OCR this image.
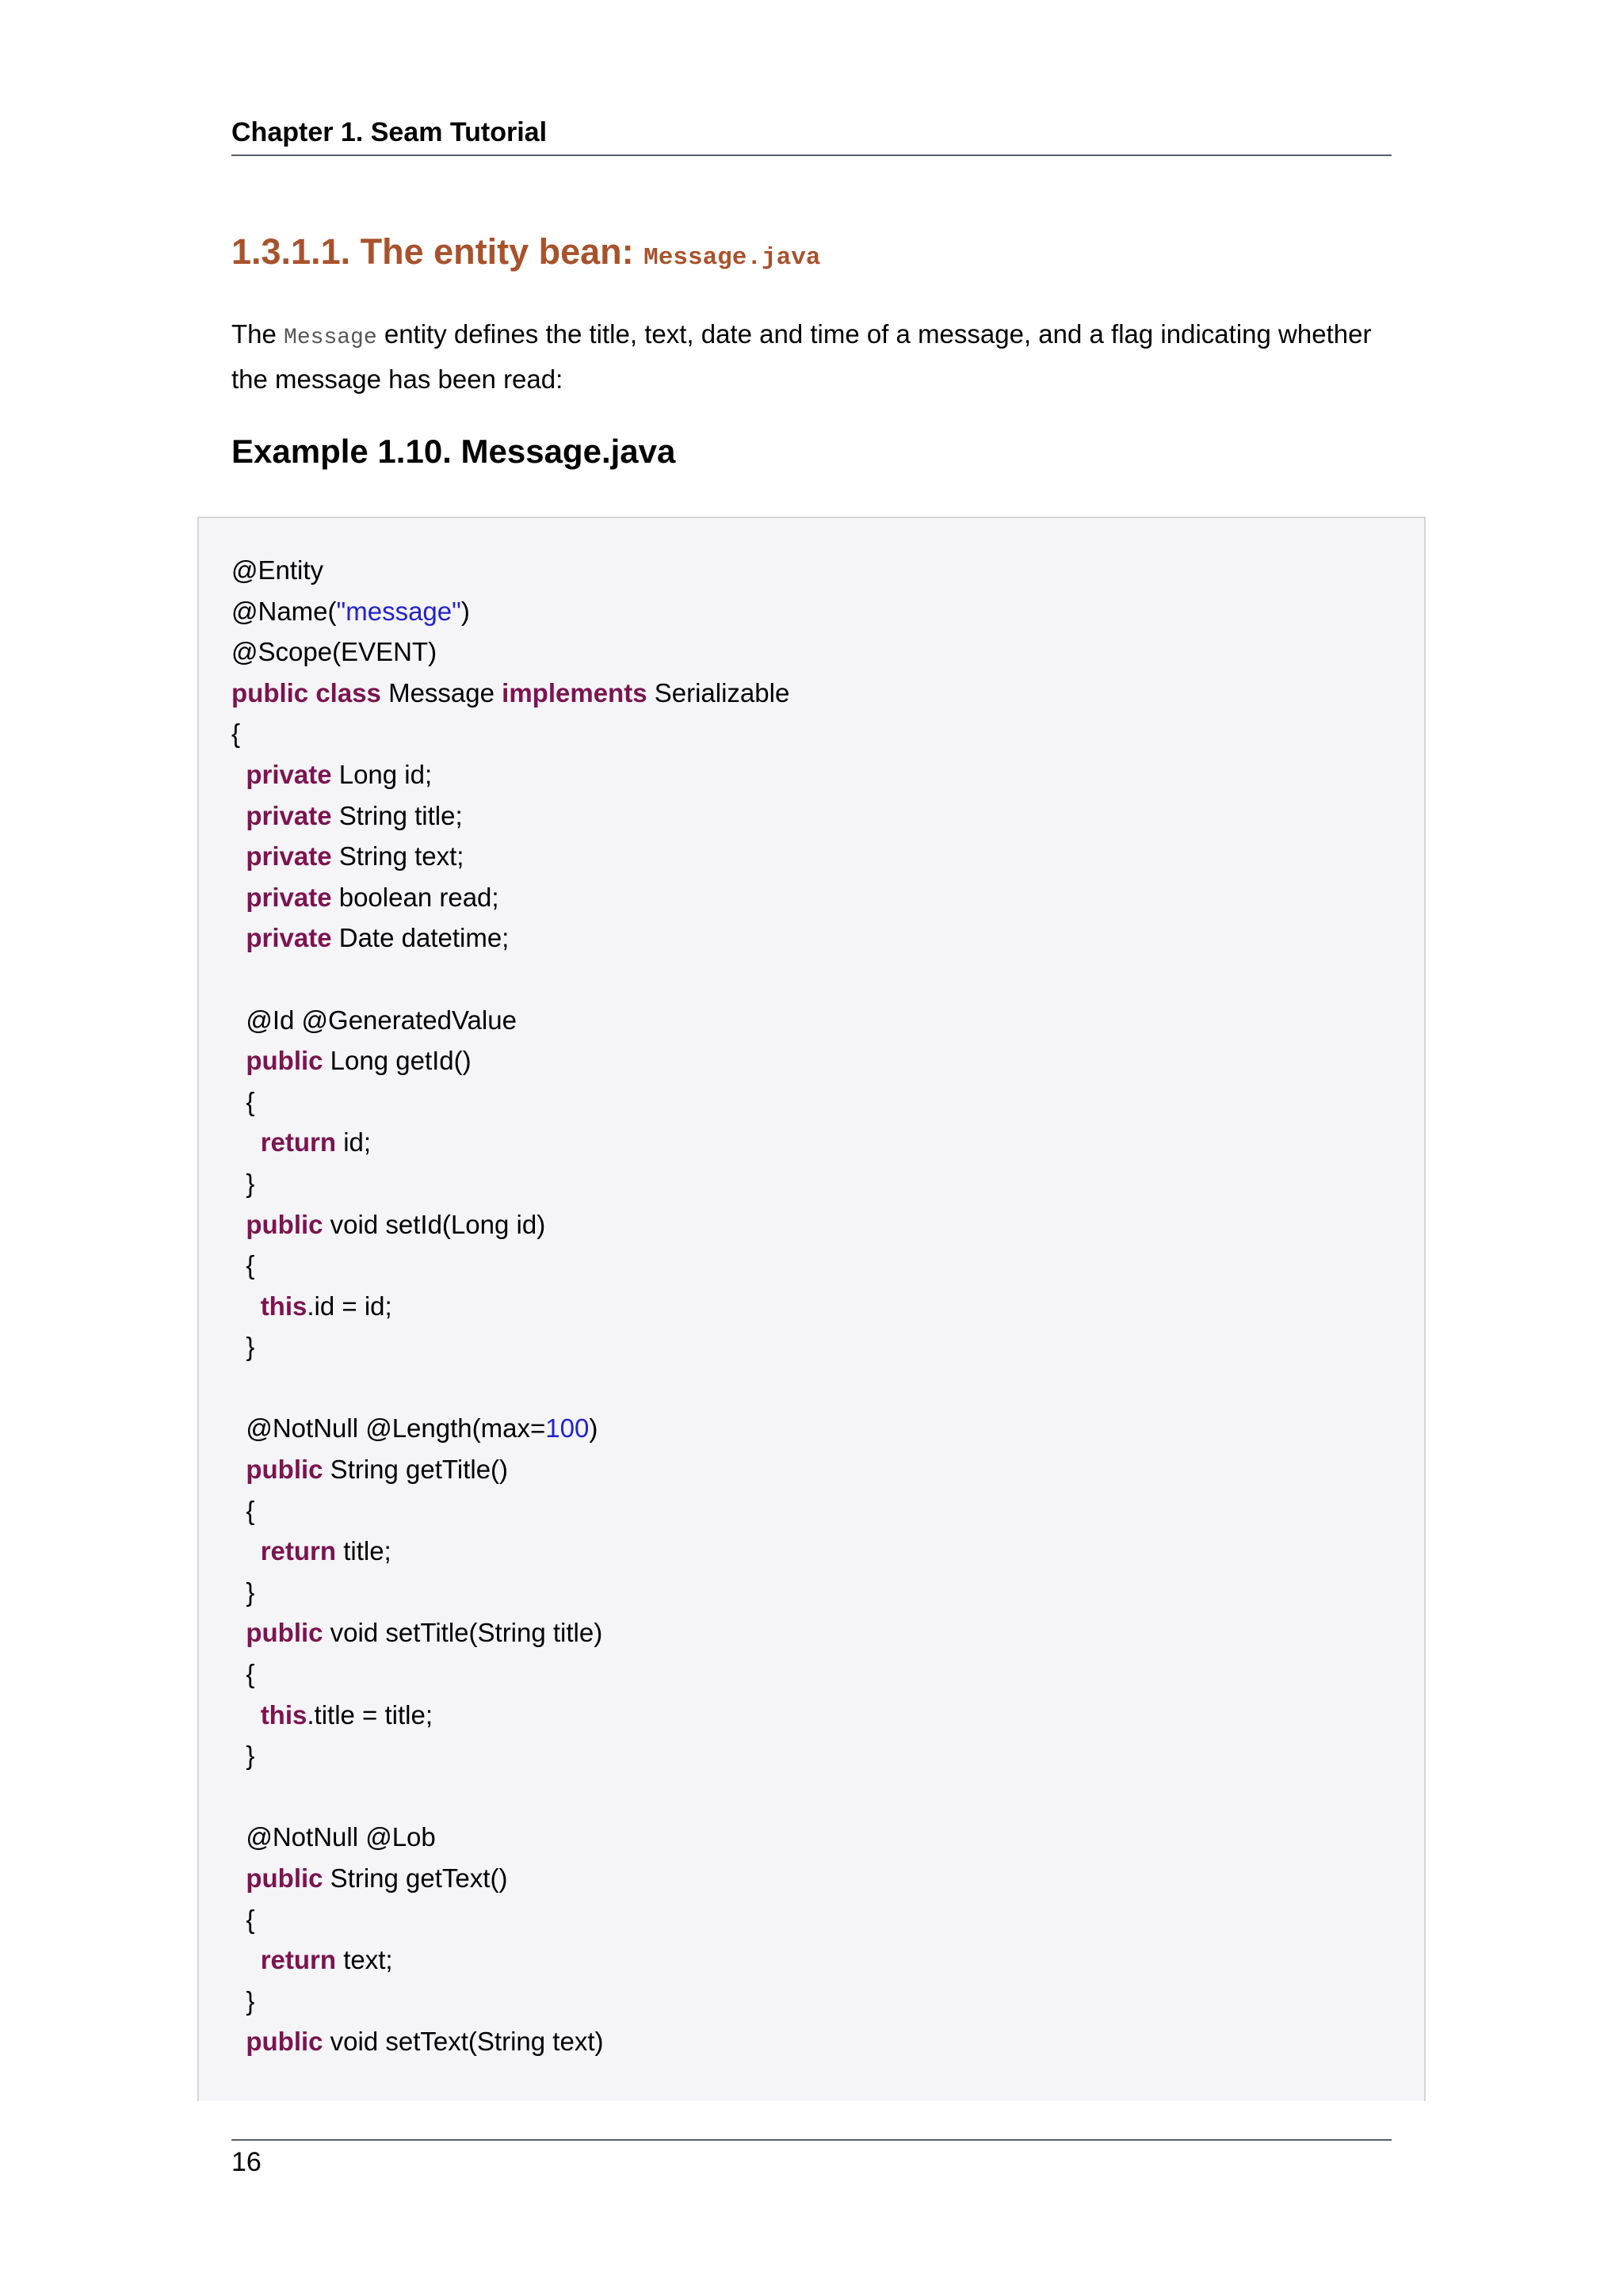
Chapter 1. Seam Tutorial
1.3.1.1. The entity bean: Message.java
The Message entity defines the title, text, date and time of a message, and a flag indicating whether the message has been read:
Example 1.10. Message.java
@Entity
@Name("message")
@Scope(EVENT)
public class Message implements Serializable
{
private Long id;
private String title;
private String text;
private boolean read;
private Date datetime;
@Id @GeneratedValue
public Long getId()
{
return id;
}
public void setId(Long id)
{
this.id = id;
}
@NotNull @Length(max=100)
public String getTitle()
{
return title;
}
public void setTitle(String title)
{
this.title = title;
}
@NotNull @Lob
public String getText()
{
return text;
}
public void setText(String text)
16
